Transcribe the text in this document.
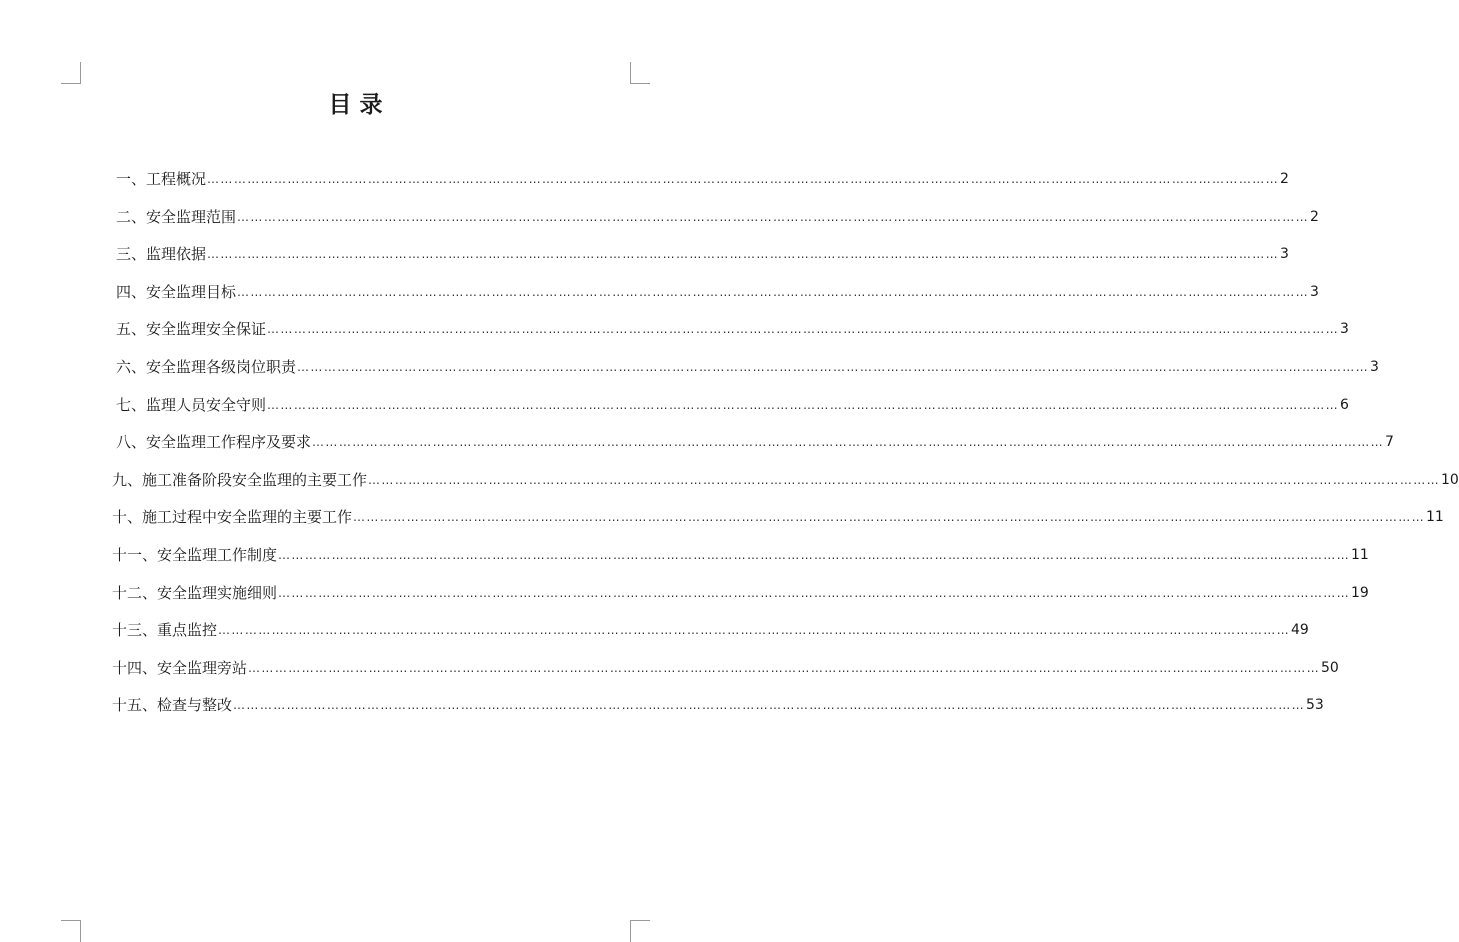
目 录
一、工程概况 …………………………………………………………………………………………………………………………………………………………………………………………………………………… 2
二、安全监理范围 …………………………………………………………………………………………………………………………………………………………………………………………………………………… 2
三、监理依据 …………………………………………………………………………………………………………………………………………………………………………………………………………………… 3
四、安全监理目标 …………………………………………………………………………………………………………………………………………………………………………………………………………………… 3
五、安全监理安全保证 …………………………………………………………………………………………………………………………………………………………………………………………………………………… 3
六、安全监理各级岗位职责 …………………………………………………………………………………………………………………………………………………………………………………………………………………… 3
七、监理人员安全守则 …………………………………………………………………………………………………………………………………………………………………………………………………………………… 6
八、安全监理工作程序及要求 …………………………………………………………………………………………………………………………………………………………………………………………………………………… 7
九、施工准备阶段安全监理的主要工作 …………………………………………………………………………………………………………………………………………………………………………………………………………………… 10
十、施工过程中安全监理的主要工作 …………………………………………………………………………………………………………………………………………………………………………………………………………………… 11
十一、安全监理工作制度 …………………………………………………………………………………………………………………………………………………………………………………………………………………… 11
十二、安全监理实施细则 …………………………………………………………………………………………………………………………………………………………………………………………………………………… 19
十三、重点监控 …………………………………………………………………………………………………………………………………………………………………………………………………………………… 49
十四、安全监理旁站 …………………………………………………………………………………………………………………………………………………………………………………………………………………… 50
十五、检查与整改 …………………………………………………………………………………………………………………………………………………………………………………………………………………… 53
